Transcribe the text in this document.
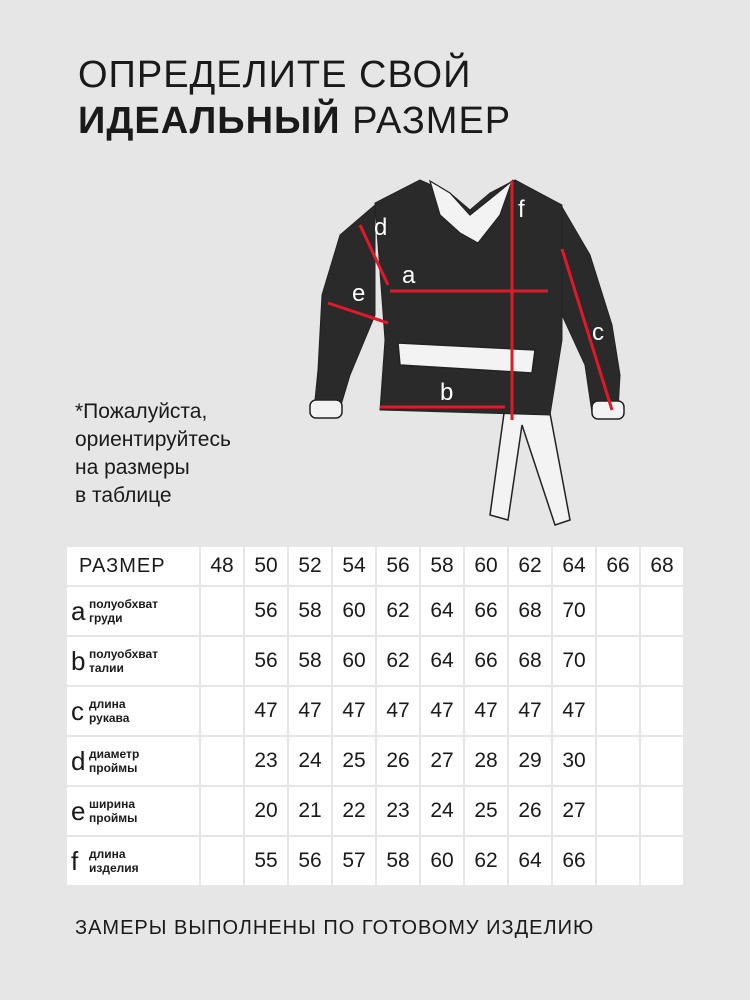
ОПРЕДЕЛИТЕ СВОЙ
ИДЕАЛЬНЫЙ РАЗМЕР
a
b
c
d
e
f
*Пожалуйста,
ориентируйтесь
на размеры
в таблице
РАЗМЕР	48	50	52	54	56	58	60	62	64	66	68
a полуобхват
груди		56	58	60	62	64	66	68	70		
b полуобхват
талии		56	58	60	62	64	66	68	70		
c длина
рукава		47	47	47	47	47	47	47	47		
d диаметр
проймы		23	24	25	26	27	28	29	30		
e ширина
проймы		20	21	22	23	24	25	26	27		
f длина
изделия		55	56	57	58	60	62	64	66		
ЗАМЕРЫ ВЫПОЛНЕНЫ ПО ГОТОВОМУ ИЗДЕЛИЮ
